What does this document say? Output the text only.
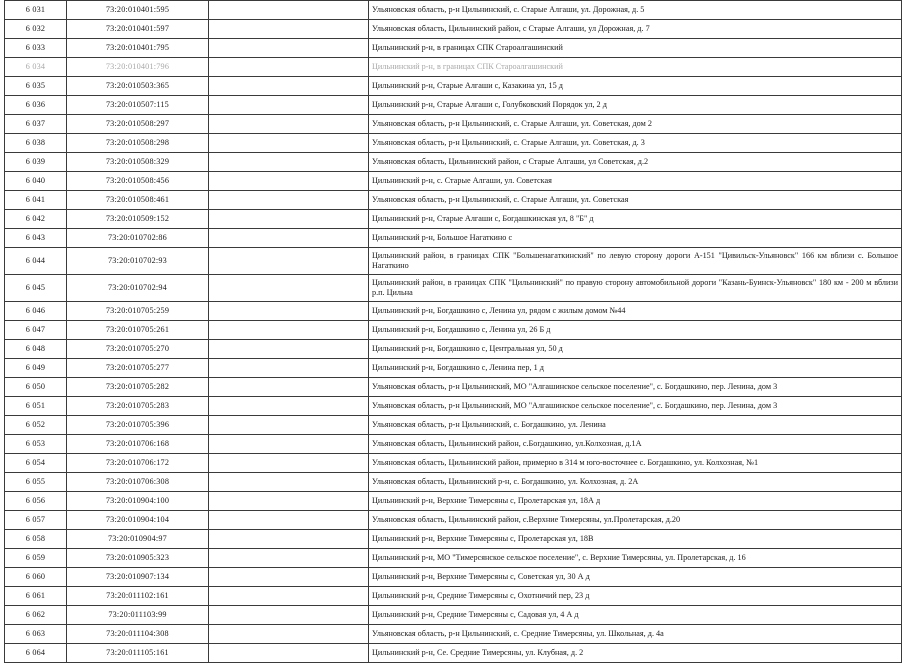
6 031	73:20:010401:595		Ульяновская область, р-н Цильнинский, с. Старые Алгаши, ул. Дорожная, д. 5
6 032	73:20:010401:597		Ульяновская область, Цильнинский район, с Старые Алгаши, ул Дорожная, д. 7
6 033	73:20:010401:795		Цильнинский р-н, в границах СПК Староалгашинский
6 034	73:20:010401:796		Цильнинский р-н, в границах СПК Староалгашинский
6 035	73:20:010503:365		Цильнинский р-н, Старые Алгаши с, Казакина ул, 15 д
6 036	73:20:010507:115		Цильнинский р-н, Старые Алгаши с, Голубковский Порядок ул, 2 д
6 037	73:20:010508:297		Ульяновская область, р-н Цильнинский, с. Старые Алгаши, ул. Советская, дом 2
6 038	73:20:010508:298		Ульяновская область, р-н Цильнинский, с. Старые Алгаши, ул. Советская, д. 3
6 039	73:20:010508:329		Ульяновская область, Цильнинский район, с Старые Алгаши, ул Советская, д.2
6 040	73:20:010508:456		Цильнинский р-н, с. Старые Алгаши, ул. Советская
6 041	73:20:010508:461		Ульяновская область, р-н Цильнинский, с. Старые Алгаши, ул. Советская
6 042	73:20:010509:152		Цильнинский р-н, Старые Алгаши с, Богдашкинская ул, 8 "Б" д
6 043	73:20:010702:86		Цильнинский р-н, Большое Нагаткино с
6 044	73:20:010702:93		Цильнинский район, в границах СПК "Большенагаткинский" по левую сторону дороги А-151 "Цивильск-Ульяновск" 166 км вблизи с. Большое Нагаткино
6 045	73:20:010702:94		Цильнинский район, в границах СПК "Цильнинский" по правую сторону автомобильной дороги "Казань-Буинск-Ульяновск" 180 км - 200 м вблизи р.п. Цильна
6 046	73:20:010705:259		Цильнинский р-н, Богдашкино с, Ленина ул, рядом с жилым домом №44
6 047	73:20:010705:261		Цильнинский р-н, Богдашкино с, Ленина ул, 26 Б д
6 048	73:20:010705:270		Цильнинский р-н, Богдашкино с, Центральная ул, 50 д
6 049	73:20:010705:277		Цильнинский р-н, Богдашкино с, Ленина пер, 1 д
6 050	73:20:010705:282		Ульяновская область, р-н Цильнинский, МО "Алгашинское сельское поселение", с. Богдашкино, пер. Ленина, дом 3
6 051	73:20:010705:283		Ульяновская область, р-н Цильнинский, МО "Алгашинское сельское поселение", с. Богдашкино, пер. Ленина, дом 3
6 052	73:20:010705:396		Ульяновская область, р-н Цильнинский, с. Богдашкино, ул. Ленина
6 053	73:20:010706:168		Ульяновская область, Цильнинский район, с.Богдашкино, ул.Колхозная, д.1А
6 054	73:20:010706:172		Ульяновская область, Цильнинский район, примерно в 314 м юго-восточнее с. Богдашкино, ул. Колхозная, №1
6 055	73:20:010706:308		Ульяновская область, Цильнинский р-н, с. Богдашкино, ул. Колхозная, д. 2А
6 056	73:20:010904:100		Цильнинский р-н, Верхние Тимерсяны с, Пролетарская ул, 18А д
6 057	73:20:010904:104		Ульяновская область, Цильнинский район, с.Верхние Тимерсяны, ул.Пролетарская, д.20
6 058	73:20:010904:97		Цильнинский р-н, Верхние Тимерсяны с, Пролетарская ул, 18В
6 059	73:20:010905:323		Цильнинский р-н, МО "Тимерсянское сельское поселение", с. Верхние Тимерсяны, ул. Пролетарская, д. 16
6 060	73:20:010907:134		Цильнинский р-н, Верхние Тимерсяны с, Советская ул, 30 А д
6 061	73:20:011102:161		Цильнинский р-н, Средние Тимерсяны с, Охотничий пер, 23 д
6 062	73:20:011103:99		Цильнинский р-н, Средние Тимерсяны с, Садовая ул, 4 А д
6 063	73:20:011104:308		Ульяновская область, р-н Цильнинский, с. Средние Тимерсяны, ул. Школьная, д. 4а
6 064	73:20:011105:161		Цильнинский р-н, Се. Средние Тимерсяны, ул. Клубная, д. 2
